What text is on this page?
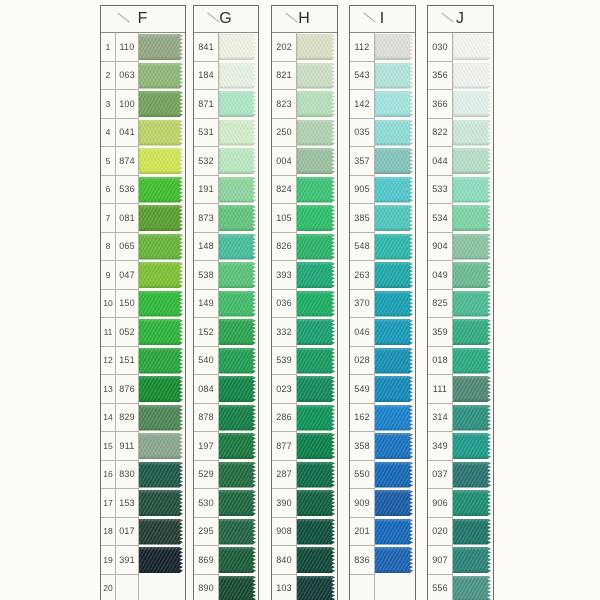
F
1	110
2 063
3 100
4 041
5 874
6 536
7 081
8 065
9 047
10 150
11 052
12 151
13 876
14 829
15 911
16 830
17 153
18 017
19 391
20
G
841
184
871
531
532
191
873
148
538
149
152
540
084
878
197
529
530
295
869
890
H
202
821
823
250
004
824
105
826
393
036
332
539
023
286
877
287
390
908
840
103
I
112
543
142
035
357
905
385
548
263
370
046
028
549
162
358
550
909
201
836
J
030
356
366
822
044
533
534
904
049
825
359
018
111
314
349
037
906
020
907
556
